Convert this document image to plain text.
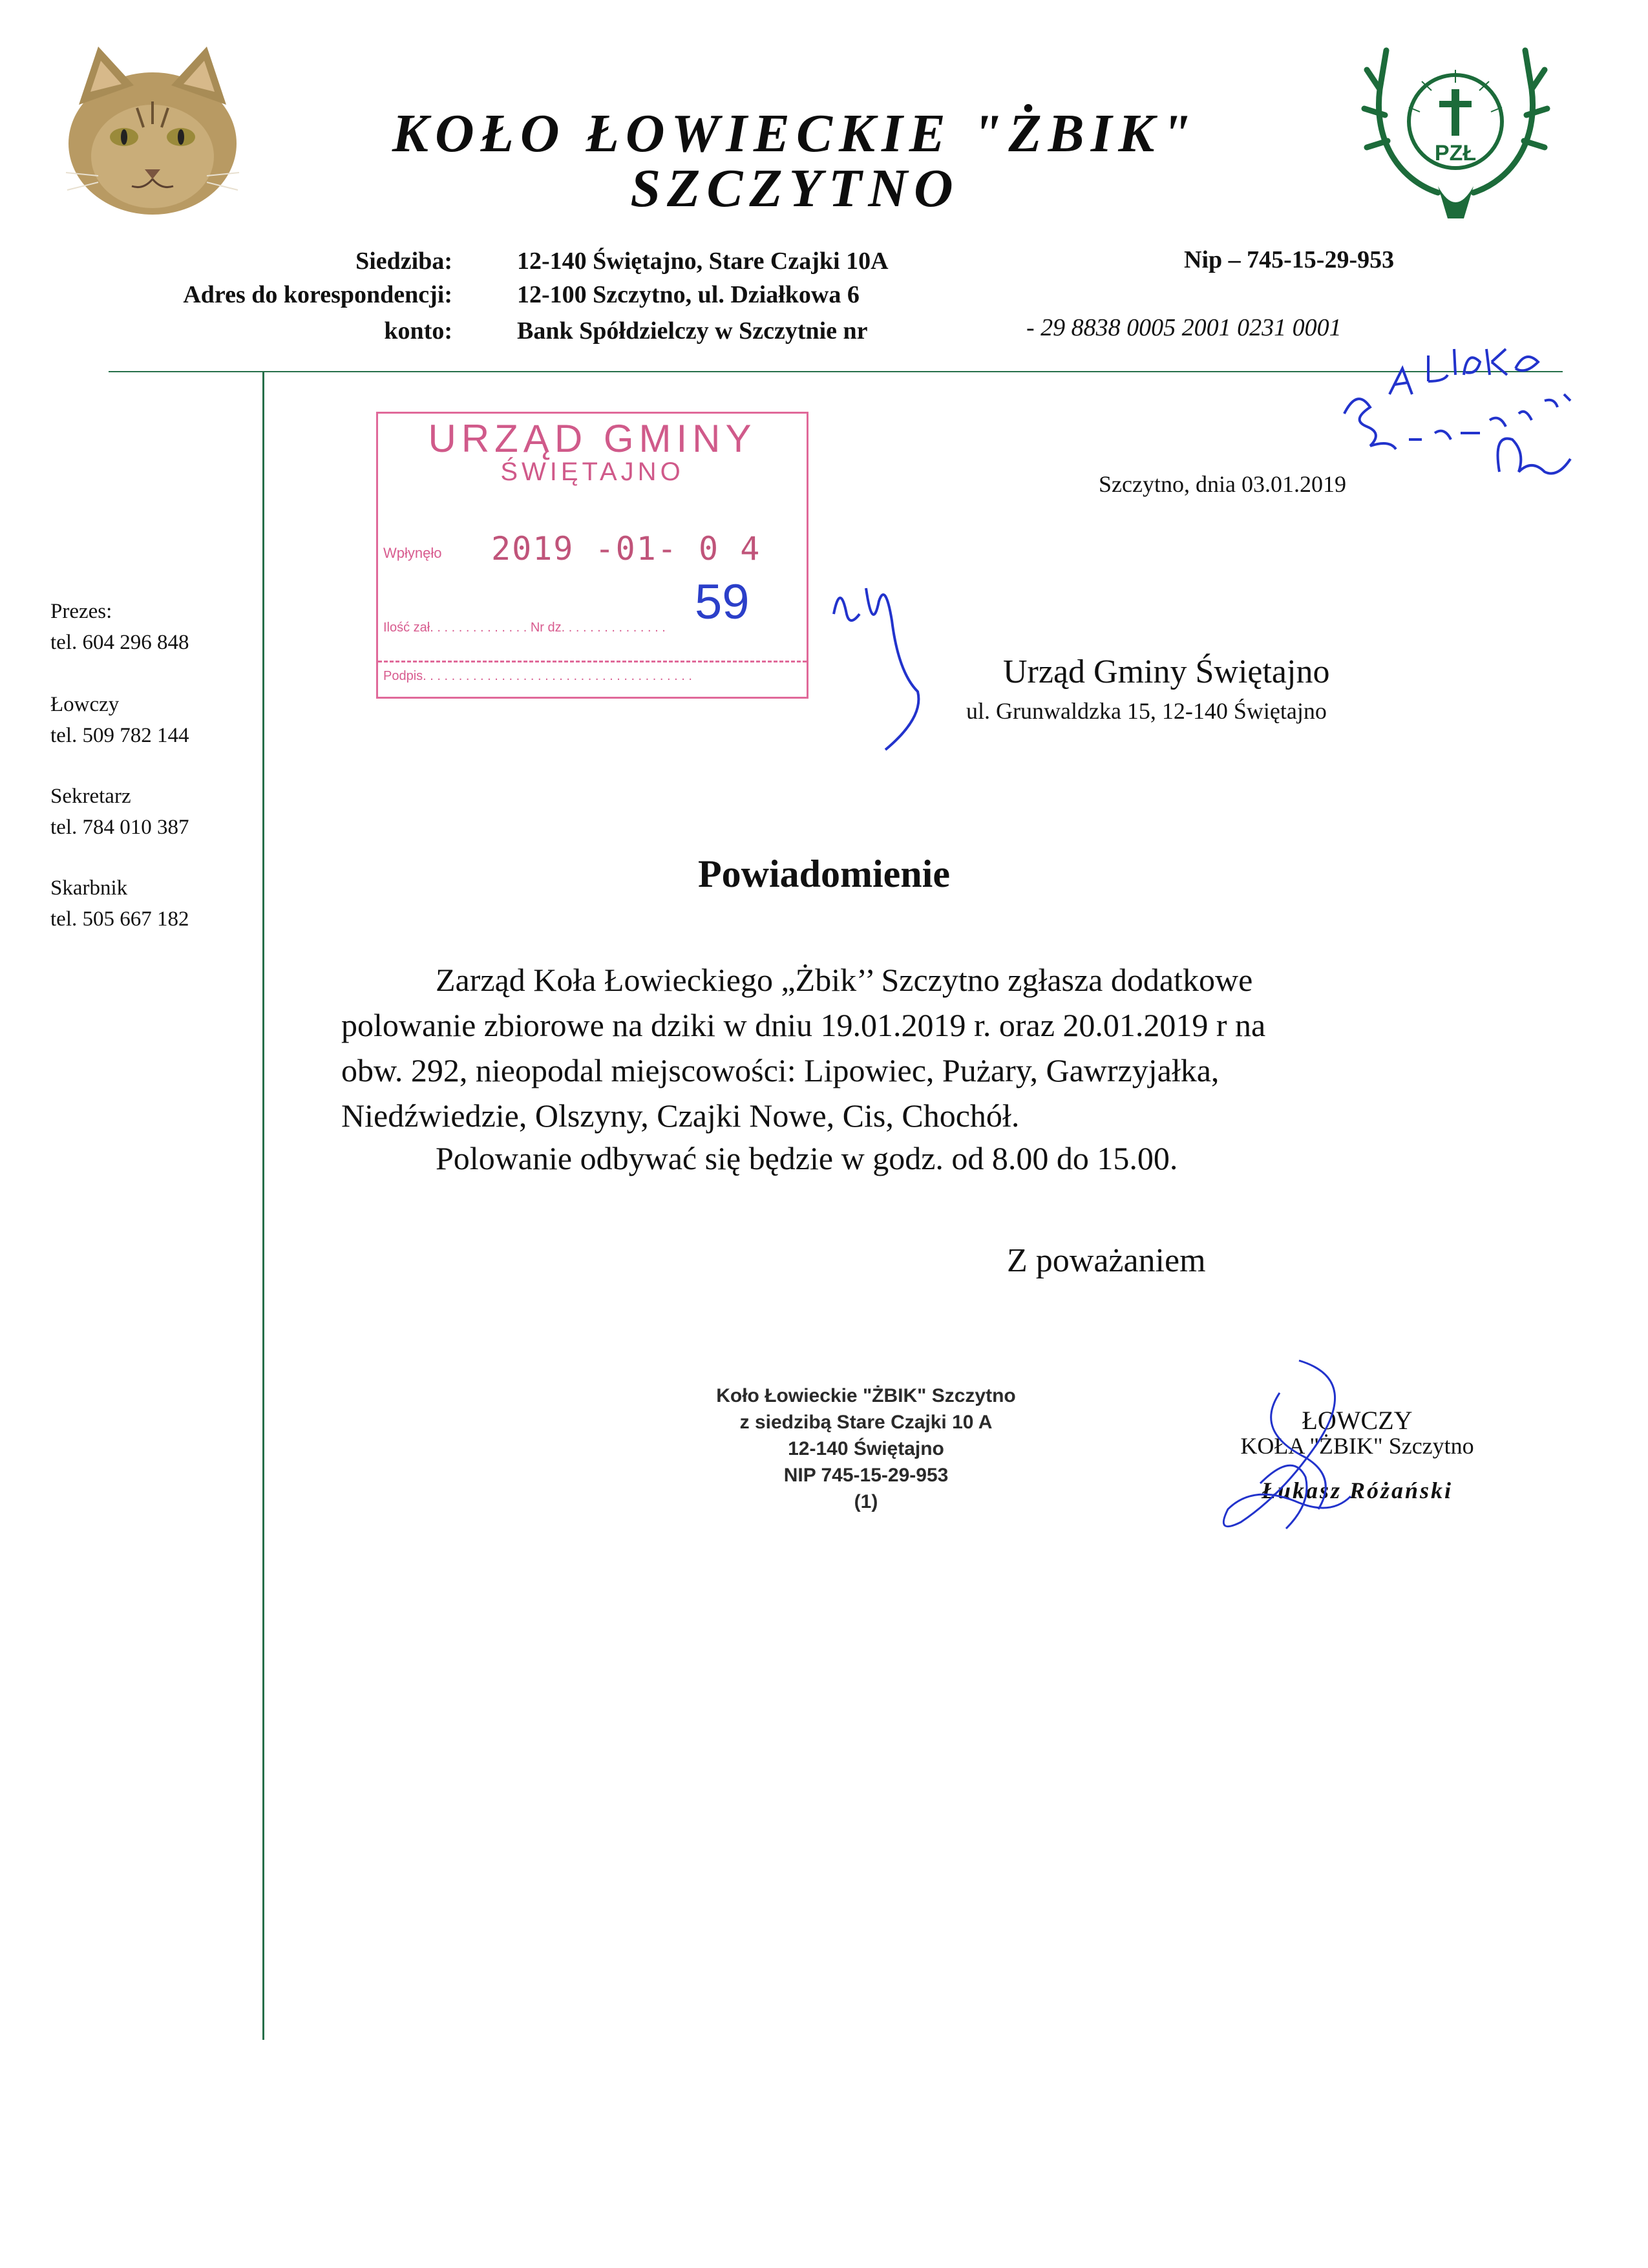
PZŁ
KOŁO ŁOWIECKIE "ŻBIK"
SZCZYTNO
Siedziba:	12-140 Świętajno, Stare Czajki 10A
Adres do korespondencji:	12-100 Szczytno, ul. Działkowa 6
konto:	Bank Spółdzielczy w Szczytnie nr
Nip – 745-15-29-953
- 29 8838 0005 2001 0231 0001
Prezes:
tel. 604 296 848
Łowczy
tel. 509 782 144
Sekretarz
tel. 784 010 387
Skarbnik
tel. 505 667 182
URZĄD GMINY
ŚWIĘTAJNO
Wpłynęło 2019 -01- 0 4
59
Ilość zał. . . . . . . . . . . . . . Nr dz. . . . . . . . . . . . . . .
Podpis. . . . . . . . . . . . . . . . . . . . . . . . . . . . . . . . . . . . . .
Szczytno, dnia 03.01.2019
Urząd Gminy Świętajno
ul. Grunwaldzka 15, 12-140 Świętajno
Powiadomienie
Zarząd Koła Łowieckiego „Żbik’’ Szczytno zgłasza dodatkowe
polowanie zbiorowe na dziki w dniu 19.01.2019 r. oraz 20.01.2019 r na
obw. 292, nieopodal miejscowości: Lipowiec, Pużary, Gawrzyjałka,
Niedźwiedzie, Olszyny, Czajki Nowe, Cis, Chochół.
Polowanie odbywać się będzie w godz. od 8.00 do 15.00.
Z poważaniem
Koło Łowieckie "ŻBIK" Szczytno
z siedzibą Stare Czajki 10 A
12-140 Świętajno
NIP 745-15-29-953
(1)
ŁOWCZY
KOŁA "ŻBIK" Szczytno
Łukasz Różański
